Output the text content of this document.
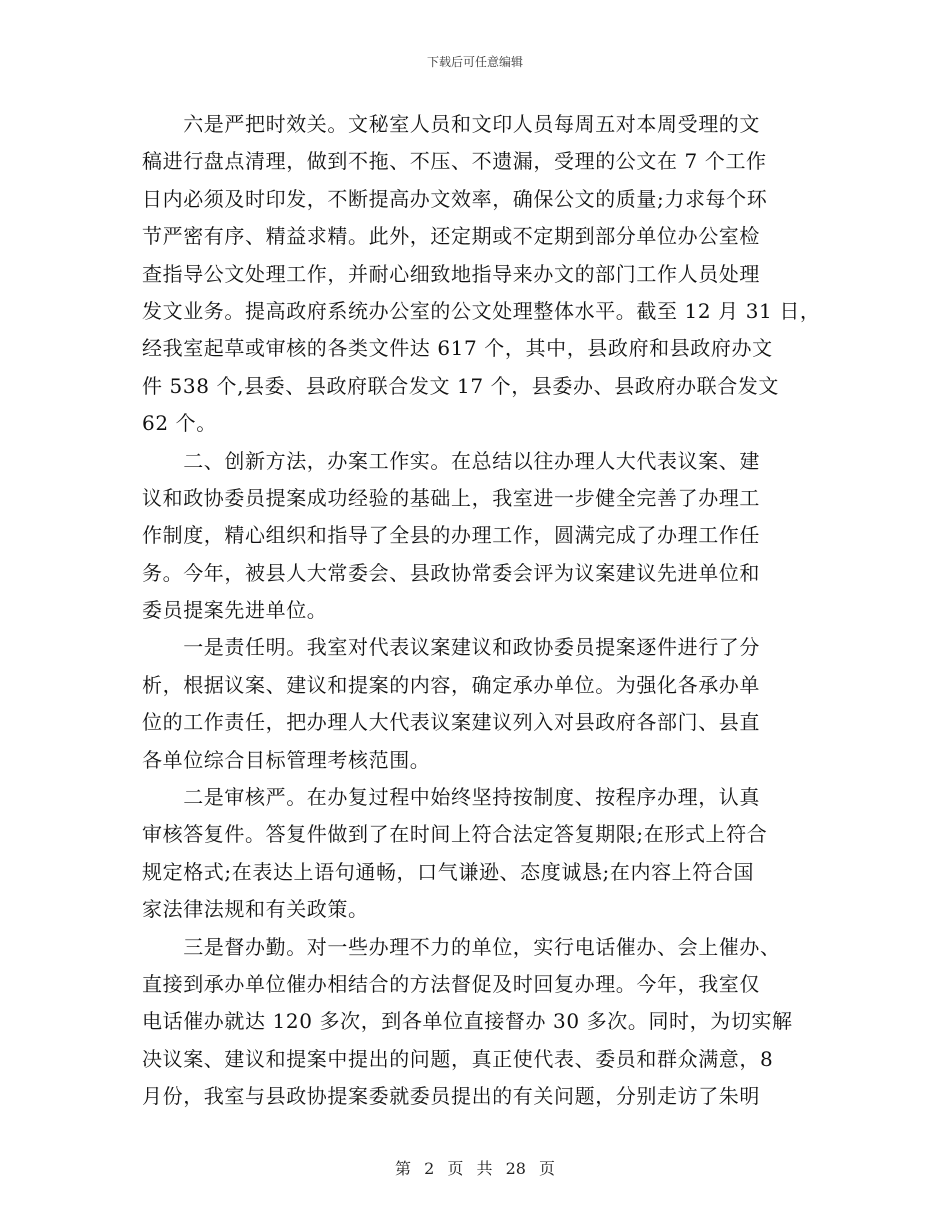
下载后可任意编辑
　　六是严把时效关。文秘室人员和文印人员每周五对本周受理的文
稿进行盘点清理，做到不拖、不压、不遗漏，受理的公文在 7 个工作
日内必须及时印发，不断提高办文效率，确保公文的质量;力求每个环
节严密有序、精益求精。此外，还定期或不定期到部分单位办公室检
查指导公文处理工作，并耐心细致地指导来办文的部门工作人员处理
发文业务。提高政府系统办公室的公文处理整体水平。截至 12 月 31 日，
经我室起草或审核的各类文件达 617 个，其中，县政府和县政府办文
件 538 个,县委、县政府联合发文 17 个，县委办、县政府办联合发文
62 个。
　　二、创新方法，办案工作实。在总结以往办理人大代表议案、建
议和政协委员提案成功经验的基础上，我室进一步健全完善了办理工
作制度，精心组织和指导了全县的办理工作，圆满完成了办理工作任
务。今年，被县人大常委会、县政协常委会评为议案建议先进单位和
委员提案先进单位。
　　一是责任明。我室对代表议案建议和政协委员提案逐件进行了分
析，根据议案、建议和提案的内容，确定承办单位。为强化各承办单
位的工作责任，把办理人大代表议案建议列入对县政府各部门、县直
各单位综合目标管理考核范围。
　　二是审核严。在办复过程中始终坚持按制度、按程序办理，认真
审核答复件。答复件做到了在时间上符合法定答复期限;在形式上符合
规定格式;在表达上语句通畅，口气谦逊、态度诚恳;在内容上符合国
家法律法规和有关政策。
　　三是督办勤。对一些办理不力的单位，实行电话催办、会上催办、
直接到承办单位催办相结合的方法督促及时回复办理。今年，我室仅
电话催办就达 120 多次，到各单位直接督办 30 多次。同时，为切实解
决议案、建议和提案中提出的问题，真正使代表、委员和群众满意，8
月份，我室与县政协提案委就委员提出的有关问题，分别走访了朱明
第 2 页 共 28 页
